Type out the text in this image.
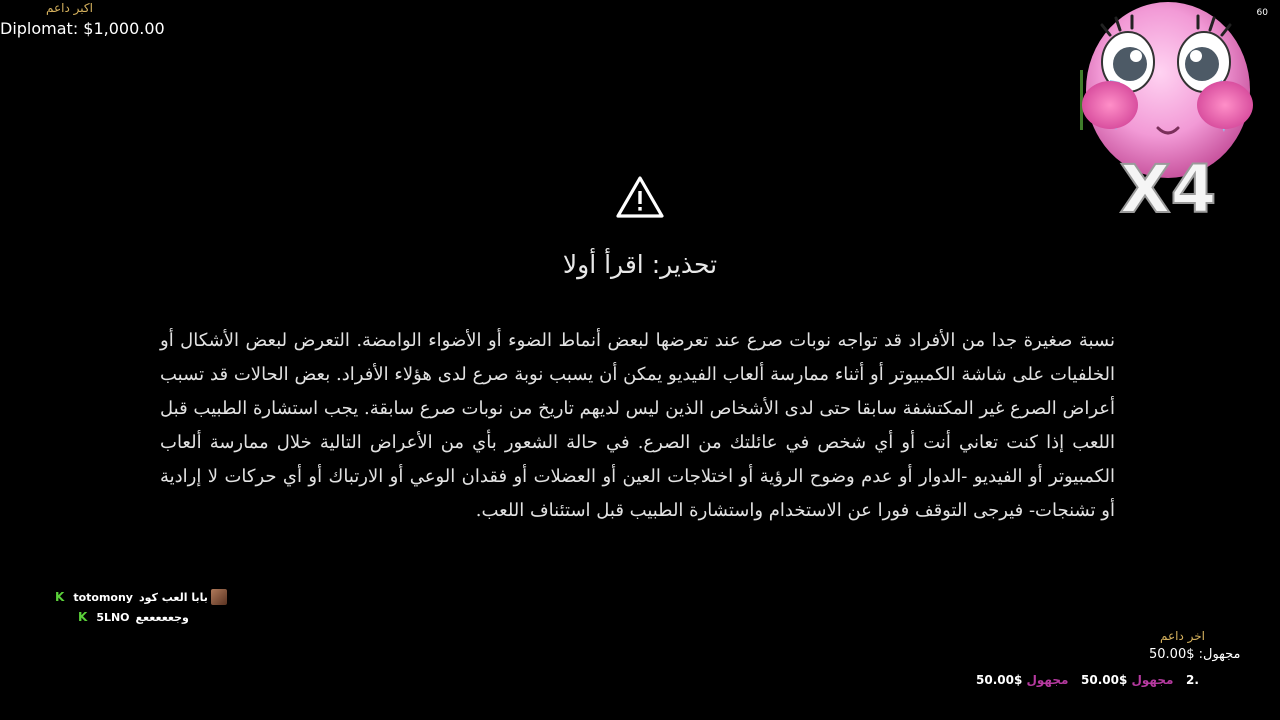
اكبر داعم
Diplomat: $1,000.00
60
X4
تحذير: اقرأ أولا
نسبة صغيرة جدا من الأفراد قد تواجه نوبات صرع عند تعرضها لبعض أنماط الضوء أو الأضواء الوامضة. التعرض لبعض الأشكال أو الخلفيات على شاشة الكمبيوتر أو أثناء ممارسة ألعاب الفيديو يمكن أن يسبب نوبة صرع لدى هؤلاء الأفراد. بعض الحالات قد تسبب أعراض الصرع غير المكتشفة سابقا حتى لدى الأشخاص الذين ليس لديهم تاريخ من نوبات صرع سابقة. يجب استشارة الطبيب قبل اللعب إذا كنت تعاني أنت أو أي شخص في عائلتك من الصرع. في حالة الشعور بأي من الأعراض التالية خلال ممارسة ألعاب الكمبيوتر أو الفيديو -الدوار أو عدم وضوح الرؤية أو اختلاجات العين أو العضلات أو فقدان الوعي أو الارتباك أو أي حركات لا إرادية أو تشنجات- فيرجى التوقف فورا عن الاستخدام واستشارة الطبيب قبل استئناف اللعب.
K totomony بابا العب كود
K 5LNO وجعععععع
اخر داعم
مجهول: $50.00
50.00$ مجهول 50.00$ مجهول 2.
